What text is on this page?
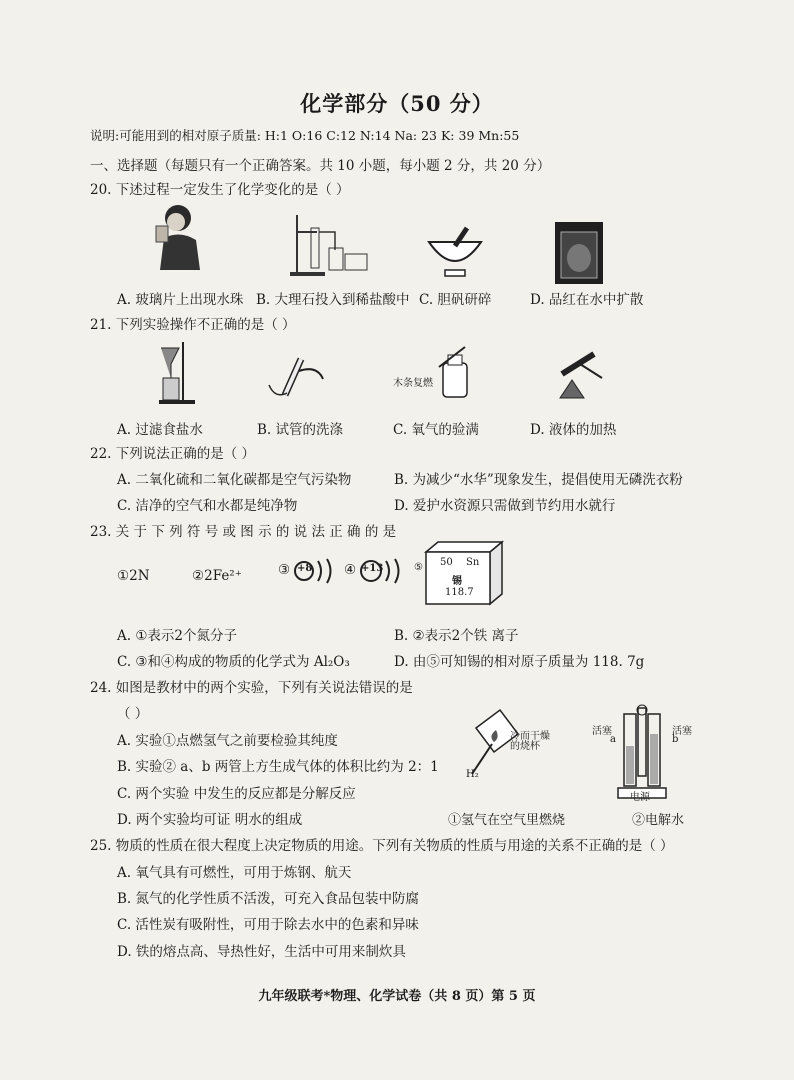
化学部分（50 分）
说明:可能用到的相对原子质量: H:1 O:16 C:12 N:14 Na: 23 K: 39 Mn:55
一、选择题（每题只有一个正确答案。共 10 小题，每小题 2 分，共 20 分）
20. 下述过程一定发生了化学变化的是（ ）
A. 玻璃片上出现水珠 B. 大理石投入到稀盐酸中 C. 胆矾研碎	D. 品红在水中扩散
21. 下列实验操作不正确的是（ ）
木条复燃
A. 过滤食盐水	B. 试管的洗涤	C. 氧气的验满	D. 液体的加热
22. 下列说法正确的是（ ）
A. 二氧化硫和二氧化碳都是空气污染物	B. 为减少“水华”现象发生，提倡使用无磷洗衣粉
C. 洁净的空气和水都是纯净物	D. 爱护水资源只需做到节约用水就行
23. 关 于 下 列 符 号 或 图 示 的 说 法 正 确 的 是
①2N	②2Fe²⁺	③ +8 ④ +13	⑤ 50 Sn
锡
118.7
A. ①表示2个氮分子	B. ②表示2个铁 离子
C. ③和④构成的物质的化学式为 Al₂O₃	D. 由⑤可知锡的相对原子质量为 118. 7g
24. 如图是教材中的两个实验，下列有关说法错误的是
（ ）
A. 实验①点燃氢气之前要检验其纯度
B. 实验② a、b 两管上方生成气体的体积比约为 2：1
C. 两个实验 中发生的反应都是分解反应
D. 两个实验均可证 明水的组成
冷而干燥的烧杯
H₂
活塞	活塞
a	b
电源
①氢气在空气里燃烧	②电解水
25. 物质的性质在很大程度上决定物质的用途。下列有关物质的性质与用途的关系不正确的是（ ）
A. 氧气具有可燃性，可用于炼钢、航天
B. 氮气的化学性质不活泼，可充入食品包装中防腐
C. 活性炭有吸附性，可用于除去水中的色素和异味
D. 铁的熔点高、导热性好，生活中可用来制炊具
九年级联考*物理、化学试卷（共 8 页）第 5 页
